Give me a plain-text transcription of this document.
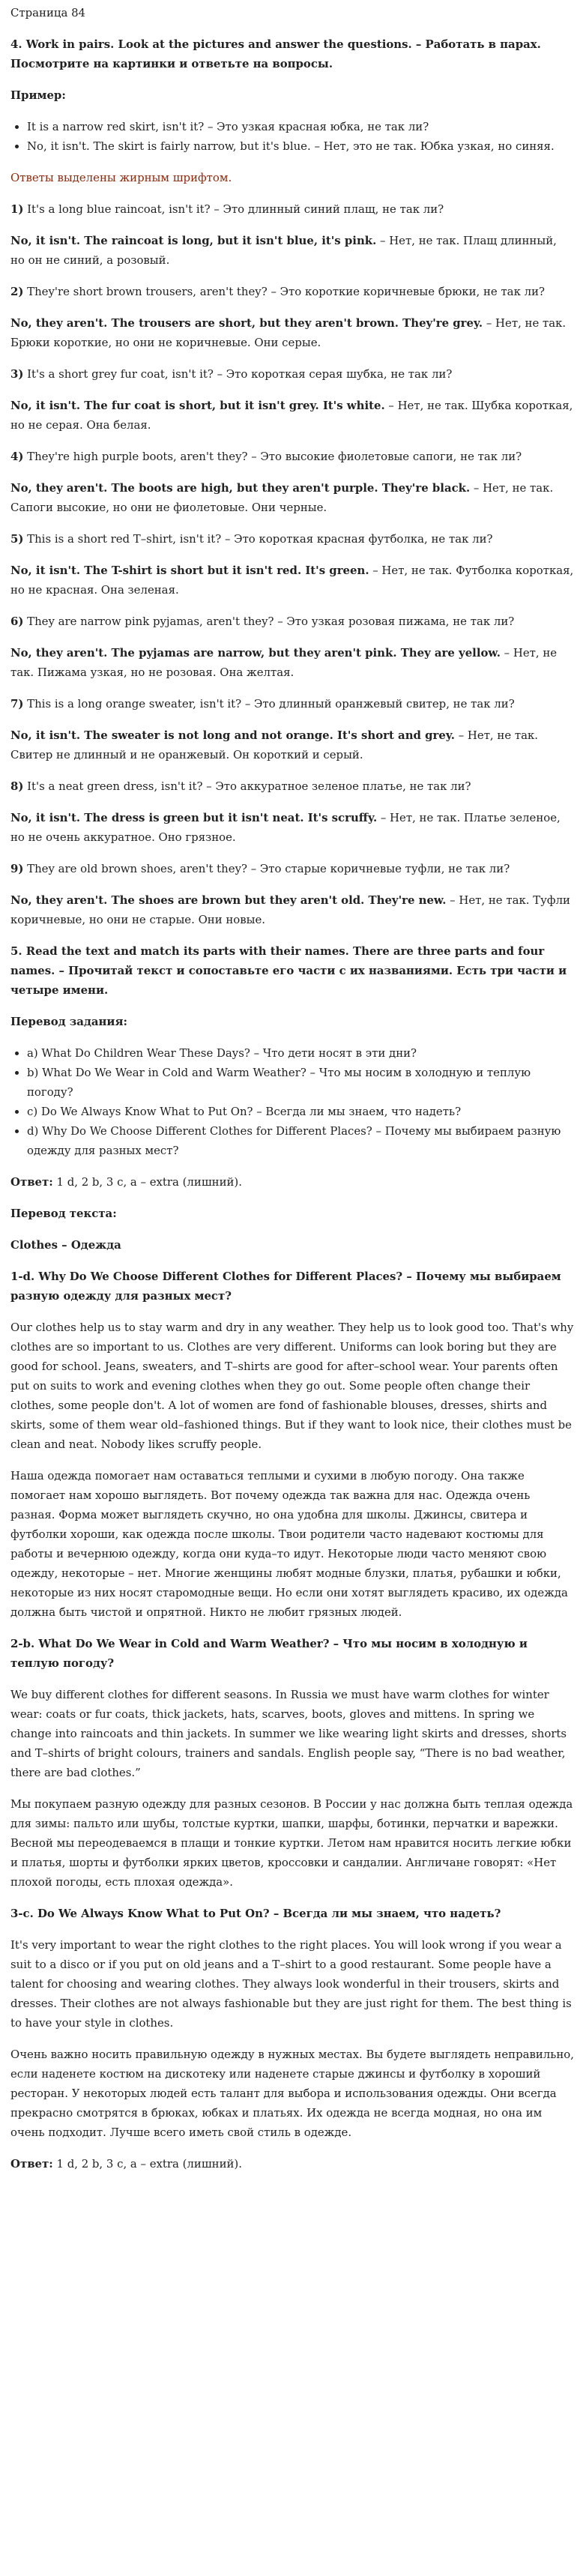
Страница 84

4. Work in pairs. Look at the pictures and answer the questions. – Работать в парах. Посмотрите на картинки и ответьте на вопросы.

Пример:

• It is a narrow red skirt, isn't it? – Это узкая красная юбка, не так ли?
• No, it isn't. The skirt is fairly narrow, but it's blue. – Нет, это не так. Юбка узкая, но синяя.

Ответы выделены жирным шрифтом.

1) It's a long blue raincoat, isn't it? – Это длинный синий плащ, не так ли?

No, it isn't. The raincoat is long, but it isn't blue, it's pink. – Нет, не так. Плащ длинный, но он не синий, а розовый.

2) They're short brown trousers, aren't they? – Это короткие коричневые брюки, не так ли?

No, they aren't. The trousers are short, but they aren't brown. They're grey. – Нет, не так. Брюки короткие, но они не коричневые. Они серые.

3) It's a short grey fur coat, isn't it? – Это короткая серая шубка, не так ли?

No, it isn't. The fur coat is short, but it isn't grey. It's white. – Нет, не так. Шубка короткая, но не серая. Она белая.

4) They're high purple boots, aren't they? – Это высокие фиолетовые сапоги, не так ли?

No, they aren't. The boots are high, but they aren't purple. They're black. – Нет, не так. Сапоги высокие, но они не фиолетовые. Они черные.

5) This is a short red T–shirt, isn't it? – Это короткая красная футболка, не так ли?

No, it isn't. The T-shirt is short but it isn't red. It's green. – Нет, не так. Футболка короткая, но не красная. Она зеленая.

6) They are narrow pink pyjamas, aren't they? – Это узкая розовая пижама, не так ли?

No, they aren't. The pyjamas are narrow, but they aren't pink. They are yellow. – Нет, не так. Пижама узкая, но не розовая. Она желтая.

7) This is a long orange sweater, isn't it? – Это длинный оранжевый свитер, не так ли?

No, it isn't. The sweater is not long and not orange. It's short and grey. – Нет, не так. Свитер не длинный и не оранжевый. Он короткий и серый.

8) It's a neat green dress, isn't it? – Это аккуратное зеленое платье, не так ли?

No, it isn't. The dress is green but it isn't neat. It's scruffy. – Нет, не так. Платье зеленое, но не очень аккуратное. Оно грязное.

9) They are old brown shoes, aren't they? – Это старые коричневые туфли, не так ли?

No, they aren't. The shoes are brown but they aren't old. They're new. – Нет, не так. Туфли коричневые, но они не старые. Они новые.

5. Read the text and match its parts with their names. There are three parts and four names. – Прочитай текст и сопоставьте его части с их названиями. Есть три части и четыре имени.

Перевод задания:

• a) What Do Children Wear These Days? – Что дети носят в эти дни?
• b) What Do We Wear in Cold and Warm Weather? – Что мы носим в холодную и теплую погоду?
• c) Do We Always Know What to Put On? – Всегда ли мы знаем, что надеть?
• d) Why Do We Choose Different Clothes for Different Places? – Почему мы выбираем разную одежду для разных мест?

Ответ: 1 d, 2 b, 3 c, a – extra (лишний).

Перевод текста:

Clothes – Одежда

1-d. Why Do We Choose Different Clothes for Different Places? – Почему мы выбираем разную одежду для разных мест?

Our clothes help us to stay warm and dry in any weather. They help us to look good too. That's why clothes are so important to us. Clothes are very different. Uniforms can look boring but they are good for school. Jeans, sweaters, and T–shirts are good for after–school wear. Your parents often put on suits to work and evening clothes when they go out. Some people often change their clothes, some people don't. A lot of women are fond of fashionable blouses, dresses, shirts and skirts, some of them wear old–fashioned things. But if they want to look nice, their clothes must be clean and neat. Nobody likes scruffy people.

Наша одежда помогает нам оставаться теплыми и сухими в любую погоду. Она также помогает нам хорошо выглядеть. Вот почему одежда так важна для нас. Одежда очень разная. Форма может выглядеть скучно, но она удобна для школы. Джинсы, свитера и футболки хороши, как одежда после школы. Твои родители часто надевают костюмы для работы и вечернюю одежду, когда они куда–то идут. Некоторые люди часто меняют свою одежду, некоторые – нет. Многие женщины любят модные блузки, платья, рубашки и юбки, некоторые из них носят старомодные вещи. Но если они хотят выглядеть красиво, их одежда должна быть чистой и опрятной. Никто не любит грязных людей.

2-b. What Do We Wear in Cold and Warm Weather? – Что мы носим в холодную и теплую погоду?

We buy different clothes for different seasons. In Russia we must have warm clothes for winter wear: coats or fur coats, thick jackets, hats, scarves, boots, gloves and mittens. In spring we change into raincoats and thin jackets. In summer we like wearing light skirts and dresses, shorts and T–shirts of bright colours, trainers and sandals. English people say, “There is no bad weather, there are bad clothes.”

Мы покупаем разную одежду для разных сезонов. В России у нас должна быть теплая одежда для зимы: пальто или шубы, толстые куртки, шапки, шарфы, ботинки, перчатки и варежки. Весной мы переодеваемся в плащи и тонкие куртки. Летом нам нравится носить легкие юбки и платья, шорты и футболки ярких цветов, кроссовки и сандалии. Англичане говорят: «Нет плохой погоды, есть плохая одежда».

3-c. Do We Always Know What to Put On? – Всегда ли мы знаем, что надеть?

It's very important to wear the right clothes to the right places. You will look wrong if you wear a suit to a disco or if you put on old jeans and a T–shirt to a good restaurant. Some people have a talent for choosing and wearing clothes. They always look wonderful in their trousers, skirts and dresses. Their clothes are not always fashionable but they are just right for them. The best thing is to have your style in clothes.

Очень важно носить правильную одежду в нужных местах. Вы будете выглядеть неправильно, если наденете костюм на дискотеку или наденете старые джинсы и футболку в хороший ресторан. У некоторых людей есть талант для выбора и использования одежды. Они всегда прекрасно смотрятся в брюках, юбках и платьях. Их одежда не всегда модная, но она им очень подходит. Лучше всего иметь свой стиль в одежде.

Ответ: 1 d, 2 b, 3 c, a – extra (лишний).
